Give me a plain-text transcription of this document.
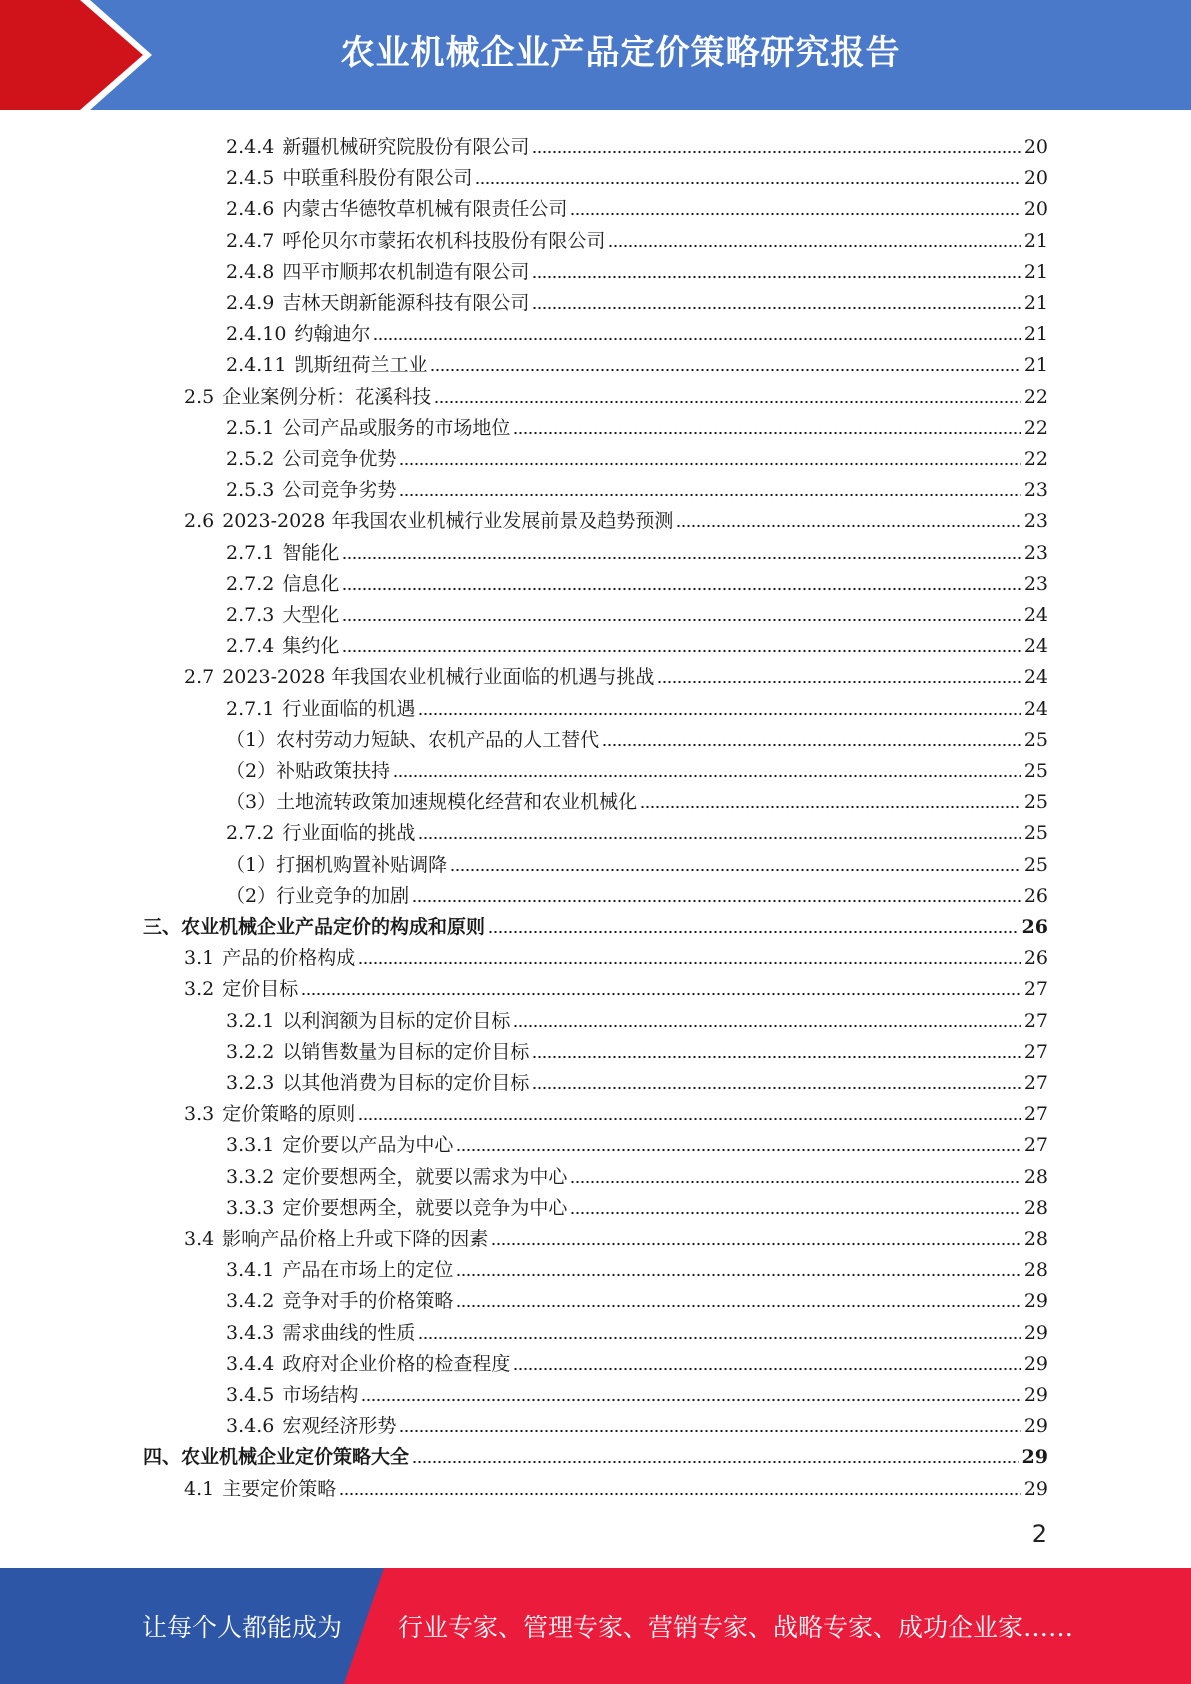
农业机械企业产品定价策略研究报告
2.4.4 新疆机械研究院股份有限公司	20
2.4.5 中联重科股份有限公司	20
2.4.6 内蒙古华德牧草机械有限责任公司	20
2.4.7 呼伦贝尔市蒙拓农机科技股份有限公司	21
2.4.8 四平市顺邦农机制造有限公司	21
2.4.9 吉林天朗新能源科技有限公司	21
2.4.10 约翰迪尔	21
2.4.11 凯斯纽荷兰工业	21
2.5 企业案例分析：花溪科技	22
2.5.1 公司产品或服务的市场地位	22
2.5.2 公司竞争优势	22
2.5.3 公司竞争劣势	23
2.6 2023-2028 年我国农业机械行业发展前景及趋势预测	23
2.7.1 智能化	23
2.7.2 信息化	23
2.7.3 大型化	24
2.7.4 集约化	24
2.7 2023-2028 年我国农业机械行业面临的机遇与挑战	24
2.7.1 行业面临的机遇	24
（1） 农村劳动力短缺、农机产品的人工替代	25
（2） 补贴政策扶持	25
（3） 土地流转政策加速规模化经营和农业机械化	25
2.7.2 行业面临的挑战	25
（1） 打捆机购置补贴调降	25
（2） 行业竞争的加剧	26
三、 农业机械企业产品定价的构成和原则	26
3.1 产品的价格构成	26
3.2 定价目标	27
3.2.1 以利润额为目标的定价目标	27
3.2.2 以销售数量为目标的定价目标	27
3.2.3 以其他消费为目标的定价目标	27
3.3 定价策略的原则	27
3.3.1 定价要以产品为中心	27
3.3.2 定价要想两全，就要以需求为中心	28
3.3.3 定价要想两全，就要以竞争为中心	28
3.4 影响产品价格上升或下降的因素	28
3.4.1 产品在市场上的定位	28
3.4.2 竞争对手的价格策略	29
3.4.3 需求曲线的性质	29
3.4.4 政府对企业价格的检查程度	29
3.4.5 市场结构	29
3.4.6 宏观经济形势	29
四、 农业机械企业定价策略大全	29
4.1 主要定价策略	29
2
让每个人都能成为 行业专家、管理专家、营销专家、战略专家、成功企业家……
